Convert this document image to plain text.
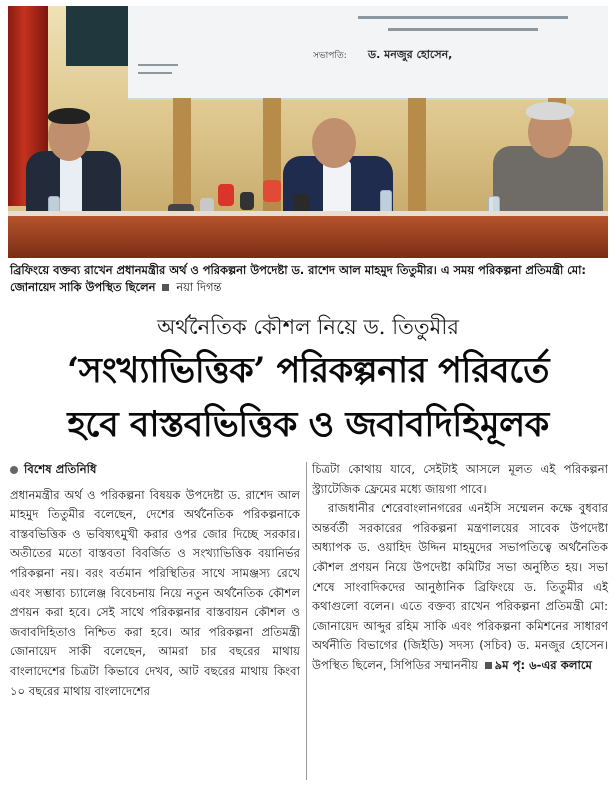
সভাপতি: ড. মনজুর হোসেন,
ব্রিফিংয়ে বক্তব্য রাখেন প্রধানমন্ত্রীর অর্থ ও পরিকল্পনা উপদেষ্টা ড. রাশেদ আল মাহমুদ তিতুমীর। এ সময় পরিকল্পনা প্রতিমন্ত্রী মো: জোনায়েদ সাকি উপস্থিত ছিলেন নয়া দিগন্ত
অর্থনৈতিক কৌশল নিয়ে ড. তিতুমীর
‘সংখ্যাভিত্তিক’ পরিকল্পনার পরিবর্তে
হবে বাস্তবভিত্তিক ও জবাবদিহিমূলক
বিশেষ প্রতিনিধি

প্রধানমন্ত্রীর অর্থ ও পরিকল্পনা বিষয়ক উপদেষ্টা ড. রাশেদ আল মাহমুদ তিতুমীর বলেছেন, দেশের অর্থনৈতিক পরিকল্পনাকে বাস্তবভিত্তিক ও ভবিষ্যৎমুখী করার ওপর জোর দিচ্ছে সরকার। অতীতের মতো বাস্তবতা বিবর্জিত ও সংখ্যাভিত্তিক বয়ানির্ভর পরিকল্পনা নয়। বরং বর্তমান পরিস্থিতির সাথে সামঞ্জস্য রেখে এবং সম্ভাব্য চ্যালেঞ্জ বিবেচনায় নিয়ে নতুন অর্থনৈতিক কৌশল প্রণয়ন করা হবে। সেই সাথে পরিকল্পনার বাস্তবায়ন কৌশল ও জবাবদিহিতাও নিশ্চিত করা হবে। আর পরিকল্পনা প্রতিমন্ত্রী জোনায়েদ সাকী বলেছেন, আমরা চার বছরের মাথায় বাংলাদেশের চিত্রটা কিভাবে দেখব, আট বছরের মাথায় কিংবা ১০ বছরের মাথায় বাংলাদেশের

চিত্রটা কোথায় যাবে, সেইটাই আসলে মূলত এই পরিকল্পনা স্ট্র্যাটেজিক ফ্রেমের মধ্যে জায়গা পাবে।

রাজধানীর শেরেবাংলানগরের এনইসি সম্মেলন কক্ষে বুধবার অন্তর্বর্তী সরকারের পরিকল্পনা মন্ত্রণালয়ের সাবেক উপদেষ্টা অধ্যাপক ড. ওয়াহিদ উদ্দিন মাহমুদের সভাপতিত্বে অর্থনৈতিক কৌশল প্রণয়ন নিয়ে উপদেষ্টা কমিটির সভা অনুষ্ঠিত হয়। সভা শেষে সাংবাদিকদের আনুষ্ঠানিক ব্রিফিংয়ে ড. তিতুমীর এই কথাগুলো বলেন। এতে বক্তব্য রাখেন পরিকল্পনা প্রতিমন্ত্রী মো: জোনায়েদ আব্দুর রহিম সাকি এবং পরিকল্পনা কমিশনের সাধারণ অর্থনীতি বিভাগের (জিইডি) সদস্য (সচিব) ড. মনজুর হোসেন। উপস্থিত ছিলেন, সিপিডির সম্মাননীয় ৯ম পৃ: ৬-এর কলামে
